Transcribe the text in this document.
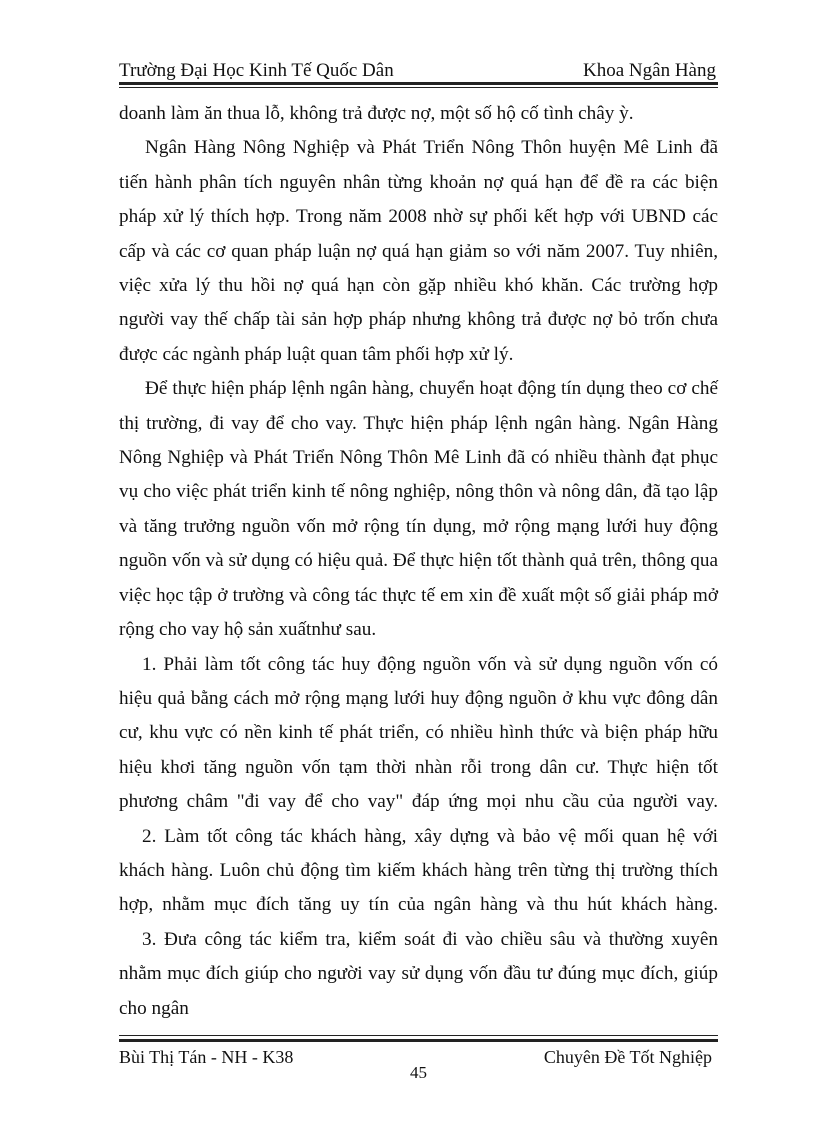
Trường Đại Học Kinh Tế Quốc Dân	Khoa Ngân Hàng

doanh làm ăn thua lỗ, không trả được nợ, một số hộ cố tình chây ỳ.

Ngân Hàng Nông Nghiệp và Phát Triển Nông Thôn huyện Mê Linh đã tiến hành phân tích nguyên nhân từng khoản nợ quá hạn để đề ra các biện pháp xử lý thích hợp. Trong năm 2008 nhờ sự phối kết hợp với UBND các cấp và các cơ quan pháp luận nợ quá hạn giảm so với năm 2007. Tuy nhiên, việc xửa lý thu hồi nợ quá hạn còn gặp nhiều khó khăn. Các trường hợp người vay thế chấp tài sản hợp pháp nhưng không trả được nợ bỏ trốn chưa được các ngành pháp luật quan tâm phối hợp xử lý.

Để thực hiện pháp lệnh ngân hàng, chuyển hoạt động tín dụng theo cơ chế thị trường, đi vay để cho vay. Thực hiện pháp lệnh ngân hàng. Ngân Hàng Nông Nghiệp và Phát Triển Nông Thôn Mê Linh đã có nhiều thành đạt phục vụ cho việc phát triển kinh tế nông nghiệp, nông thôn và nông dân, đã tạo lập và tăng trưởng nguồn vốn mở rộng tín dụng, mở rộng mạng lưới huy động nguồn vốn và sử dụng có hiệu quả. Để thực hiện tốt thành quả trên, thông qua việc học tập ở trường và công tác thực tế em xin đề xuất một số giải pháp mở rộng cho vay hộ sản xuấtnhư sau.

1. Phải làm tốt công tác huy động nguồn vốn và sử dụng nguồn vốn có hiệu quả bằng cách mở rộng mạng lưới huy động nguồn ở khu vực đông dân cư, khu vực có nền kinh tế phát triển, có nhiều hình thức và biện pháp hữu hiệu khơi tăng nguồn vốn tạm thời nhàn rỗi trong dân cư. Thực hiện tốt phương châm "đi vay để cho vay" đáp ứng mọi nhu cầu của người vay.

2. Làm tốt công tác khách hàng, xây dựng và bảo vệ mối quan hệ với khách hàng. Luôn chủ động tìm kiếm khách hàng trên từng thị trường thích hợp, nhằm mục đích tăng uy tín của ngân hàng và thu hút khách hàng.

3. Đưa công tác kiểm tra, kiểm soát đi vào chiều sâu và thường xuyên nhằm mục đích giúp cho người vay sử dụng vốn đầu tư đúng mục đích, giúp cho ngân

Bùi Thị Tán - NH - K38
45
Chuyên Đề Tốt Nghiệp
